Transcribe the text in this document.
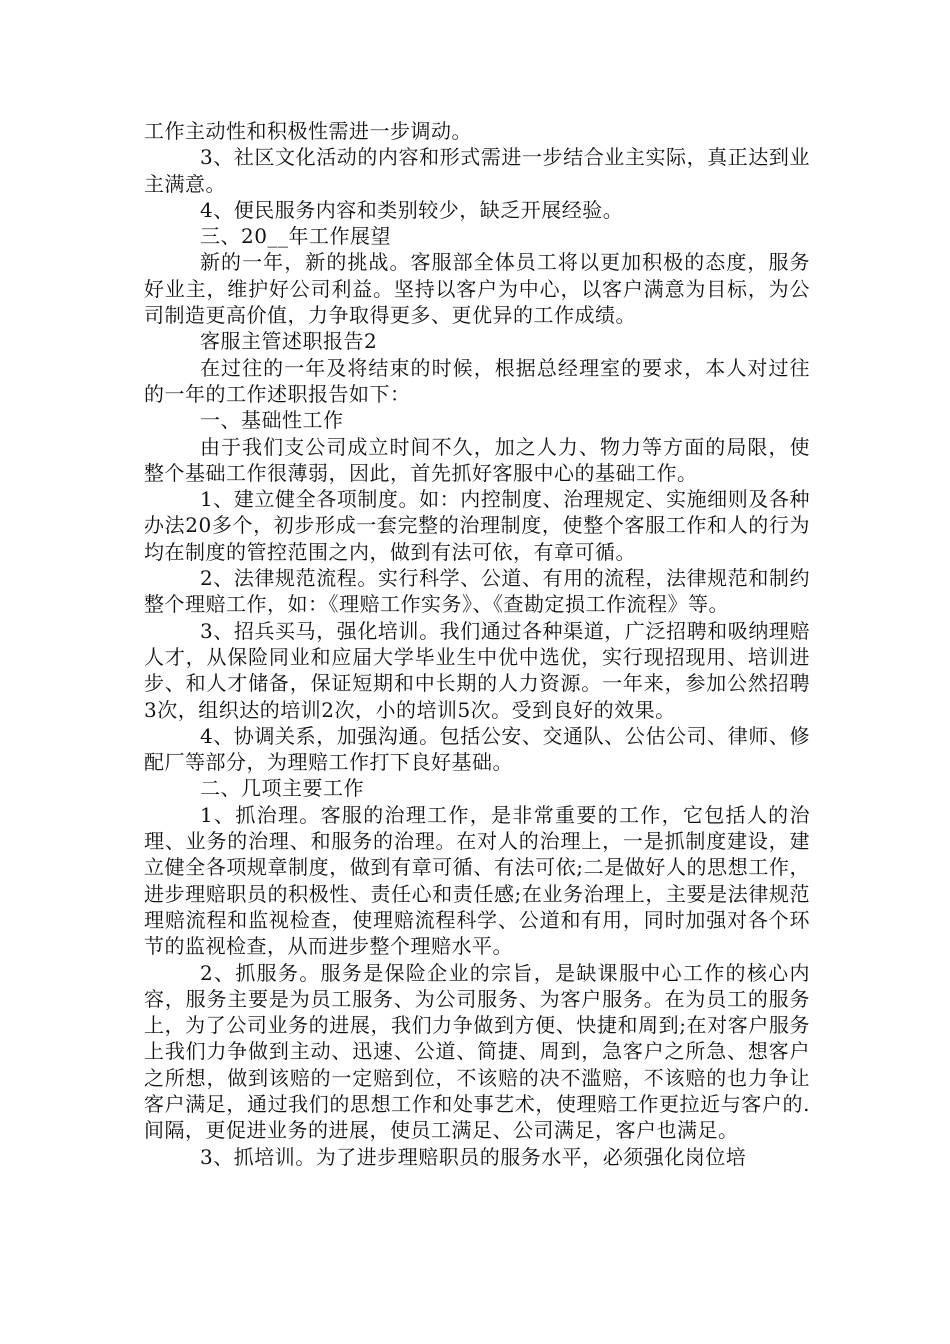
工作主动性和积极性需进一步调动。

3、社区文化活动的内容和形式需进一步结合业主实际，真正达到业主满意。

4、便民服务内容和类别较少，缺乏开展经验。

三、20__年工作展望

新的一年，新的挑战。客服部全体员工将以更加积极的态度，服务好业主，维护好公司利益。坚持以客户为中心，以客户满意为目标，为公司制造更高价值，力争取得更多、更优异的工作成绩。

客服主管述职报告2

在过往的一年及将结束的时候，根据总经理室的要求，本人对过往的一年的工作述职报告如下：

一、基础性工作

由于我们支公司成立时间不久，加之人力、物力等方面的局限，使整个基础工作很薄弱，因此，首先抓好客服中心的基础工作。

1、建立健全各项制度。如：内控制度、治理规定、实施细则及各种办法20多个，初步形成一套完整的治理制度，使整个客服工作和人的行为均在制度的管控范围之内，做到有法可依，有章可循。

2、法律规范流程。实行科学、公道、有用的流程，法律规范和制约整个理赔工作，如：《理赔工作实务》、《查勘定损工作流程》等。

3、招兵买马，强化培训。我们通过各种渠道，广泛招聘和吸纳理赔人才，从保险同业和应届大学毕业生中优中选优，实行现招现用、培训进步、和人才储备，保证短期和中长期的人力资源。一年来，参加公然招聘3次，组织达的培训2次，小的培训5次。受到良好的效果。

4、协调关系，加强沟通。包括公安、交通队、公估公司、律师、修配厂等部分，为理赔工作打下良好基础。

二、几项主要工作

1、抓治理。客服的治理工作，是非常重要的工作，它包括人的治理、业务的治理、和服务的治理。在对人的治理上，一是抓制度建设，建立健全各项规章制度，做到有章可循、有法可依;二是做好人的思想工作，进步理赔职员的积极性、责任心和责任感;在业务治理上，主要是法律规范理赔流程和监视检查，使理赔流程科学、公道和有用，同时加强对各个环节的监视检查，从而进步整个理赔水平。

2、抓服务。服务是保险企业的宗旨，是缺课服中心工作的核心内容，服务主要是为员工服务、为公司服务、为客户服务。在为员工的服务上，为了公司业务的进展，我们力争做到方便、快捷和周到;在对客户服务上我们力争做到主动、迅速、公道、简捷、周到，急客户之所急、想客户之所想，做到该赔的一定赔到位，不该赔的决不滥赔，不该赔的也力争让客户满足，通过我们的思想工作和处事艺术，使理赔工作更拉近与客户的.间隔，更促进业务的进展，使员工满足、公司满足，客户也满足。

3、抓培训。为了进步理赔职员的服务水平，必须强化岗位培
